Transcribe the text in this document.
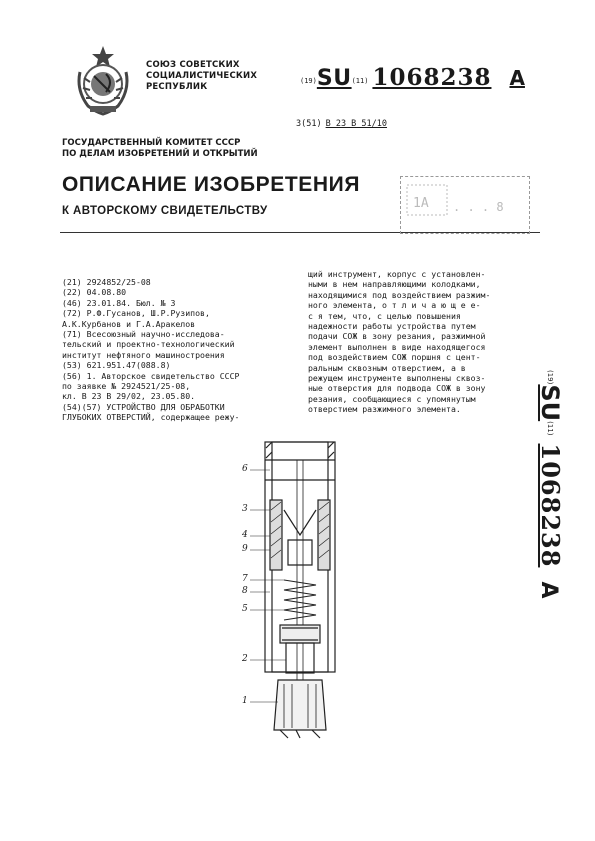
СОЮЗ СОВЕТСКИХ
СОЦИАЛИСТИЧЕСКИХ
РЕСПУБЛИК
(19)SU(11) 1068238 A
3(51) B 23 B 51/10
ГОСУДАРСТВЕННЫЙ КОМИТЕТ СССР
ПО ДЕЛАМ ИЗОБРЕТЕНИЙ И ОТКРЫТИЙ
ОПИСАНИЕ ИЗОБРЕТЕНИЯ
К АВТОРСКОМУ СВИДЕТЕЛЬСТВУ	1А . . . 8
(21) 2924852/25-08
(22) 04.08.80
(46) 23.01.84. Бюл. № 3
(72) Р.Ф.Гусанов, Ш.Р.Рузипов,
А.К.Курбанов и Г.А.Аракелов
(71) Всесоюзный научно-исследова-
тельский и проектно-технологический
институт нефтяного машиностроения
(53) 621.951.47(088.8)
(56) 1. Авторское свидетельство СССР
по заявке № 2924521/25-08,
кл. В 23 В 29/02, 23.05.80.
(54)(57) УСТРОЙСТВО ДЛЯ ОБРАБОТКИ
ГЛУБОКИХ ОТВЕРСТИЙ, содержащее режу-
щий инструмент, корпус с установлен-
ными в нем направляющими колодками,
находящимися под воздействием разжим-
ного элемента, о т л и ч а ю щ е е-
с я тем, что, с целью повышения
надежности работы устройства путем
подачи СОЖ в зону резания, разжимной
элемент выполнен в виде находящегося
под воздействием СОЖ поршня с цент-
ральным сквозным отверстием, а в
режущем инструменте выполнены сквоз-
ные отверстия для подвода СОЖ в зону
резания, сообщающиеся с упомянутым
отверстием разжимного элемента.
$^{(19)}$SU$^{(11)}$1068238A
6
3
4
9
7
8
5
2
1
